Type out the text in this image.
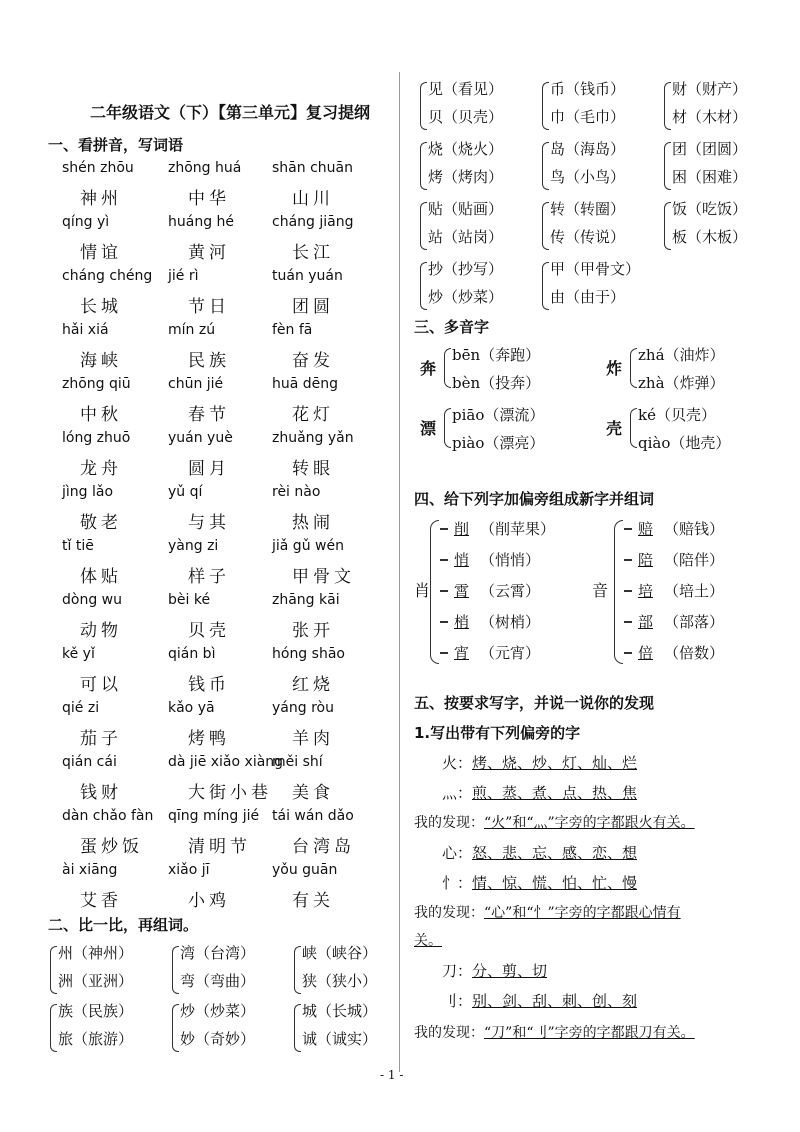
二年级语文（下）【第三单元】复习提纲
一、看拼音，写词语
shén zhōu
神州
zhōng huá
中华
shān chuān
山川
qíng yì
情谊
huáng hé
黄河
cháng jiāng
长江
cháng chéng
长城
jié rì
节日
tuán yuán
团圆
hǎi xiá
海峡
mín zú
民族
fèn fā
奋发
zhōng qiū
中秋
chūn jié
春节
huā dēng
花灯
lóng zhuō
龙舟
yuán yuè
圆月
zhuǎng yǎn
转眼
jìng lǎo
敬老
yǔ qí
与其
rèi nào
热闹
tǐ tiē
体贴
yàng zi
样子
jiǎ gǔ wén
甲骨文
dòng wu
动物
bèi ké
贝壳
zhāng kāi
张开
kě yǐ
可以
qián bì
钱币
hóng shāo
红烧
qié zi
茄子
kǎo yā
烤鸭
yáng ròu
羊肉
qián cái
钱财
dà jiē xiǎo xiàng
大街小巷
měi shí
美食
dàn chǎo fàn
蛋炒饭
qīng míng jié
清明节
tái wán dǎo
台湾岛
ài xiāng
艾香
xiǎo jī
小鸡
yǒu guān
有关
二、比一比，再组词。
州（神州）
洲（亚洲）
湾（台湾）
弯（弯曲）
峡（峡谷）
狭（狭小）
族（民族）
旅（旅游）
炒（炒菜）
妙（奇妙）
城（长城）
诚（诚实）
见（看见）
贝（贝壳）
币（钱币）
巾（毛巾）
财（财产）
材（木材）
烧（烧火）
烤（烤肉）
岛（海岛）
鸟（小鸟）
团（团圆）
困（困难）
贴（贴画）
站（站岗）
转（转圈）
传（传说）
饭（吃饭）
板（木板）
抄（抄写）
炒（炒菜）
甲（甲骨文）
由（由于）
三、多音字
奔
bēn（奔跑）
bèn（投奔）
炸
zhá（油炸）
zhà（炸弹）
漂
piāo（漂流）
piào（漂亮）
壳
ké（贝壳）
qiào（地壳）
四、给下列字加偏旁组成新字并组词
肖
削 （削苹果）
悄 （悄悄）
霄 （云霄）
梢 （树梢）
宵 （元宵）
音
赔 （赔钱）
陪 （陪伴）
培 （培土）
部 （部落）
倍 （倍数）
五、按要求写字，并说一说你的发现
1.写出带有下列偏旁的字
火：烤、烧、炒、灯、灿、烂
灬：煎、蒸、煮、点、热、焦
我的发现：“火”和“灬”字旁的字都跟火有关。
心：怒、悲、忘、感、恋、想
忄：情、惊、慌、怕、忙、慢
我的发现：“心”和“忄”字旁的字都跟心情有
关。
刀：分、剪、切
刂：别、剑、刮、刺、创、刻
我的发现：“刀”和“刂”字旁的字都跟刀有关。
- 1 -
